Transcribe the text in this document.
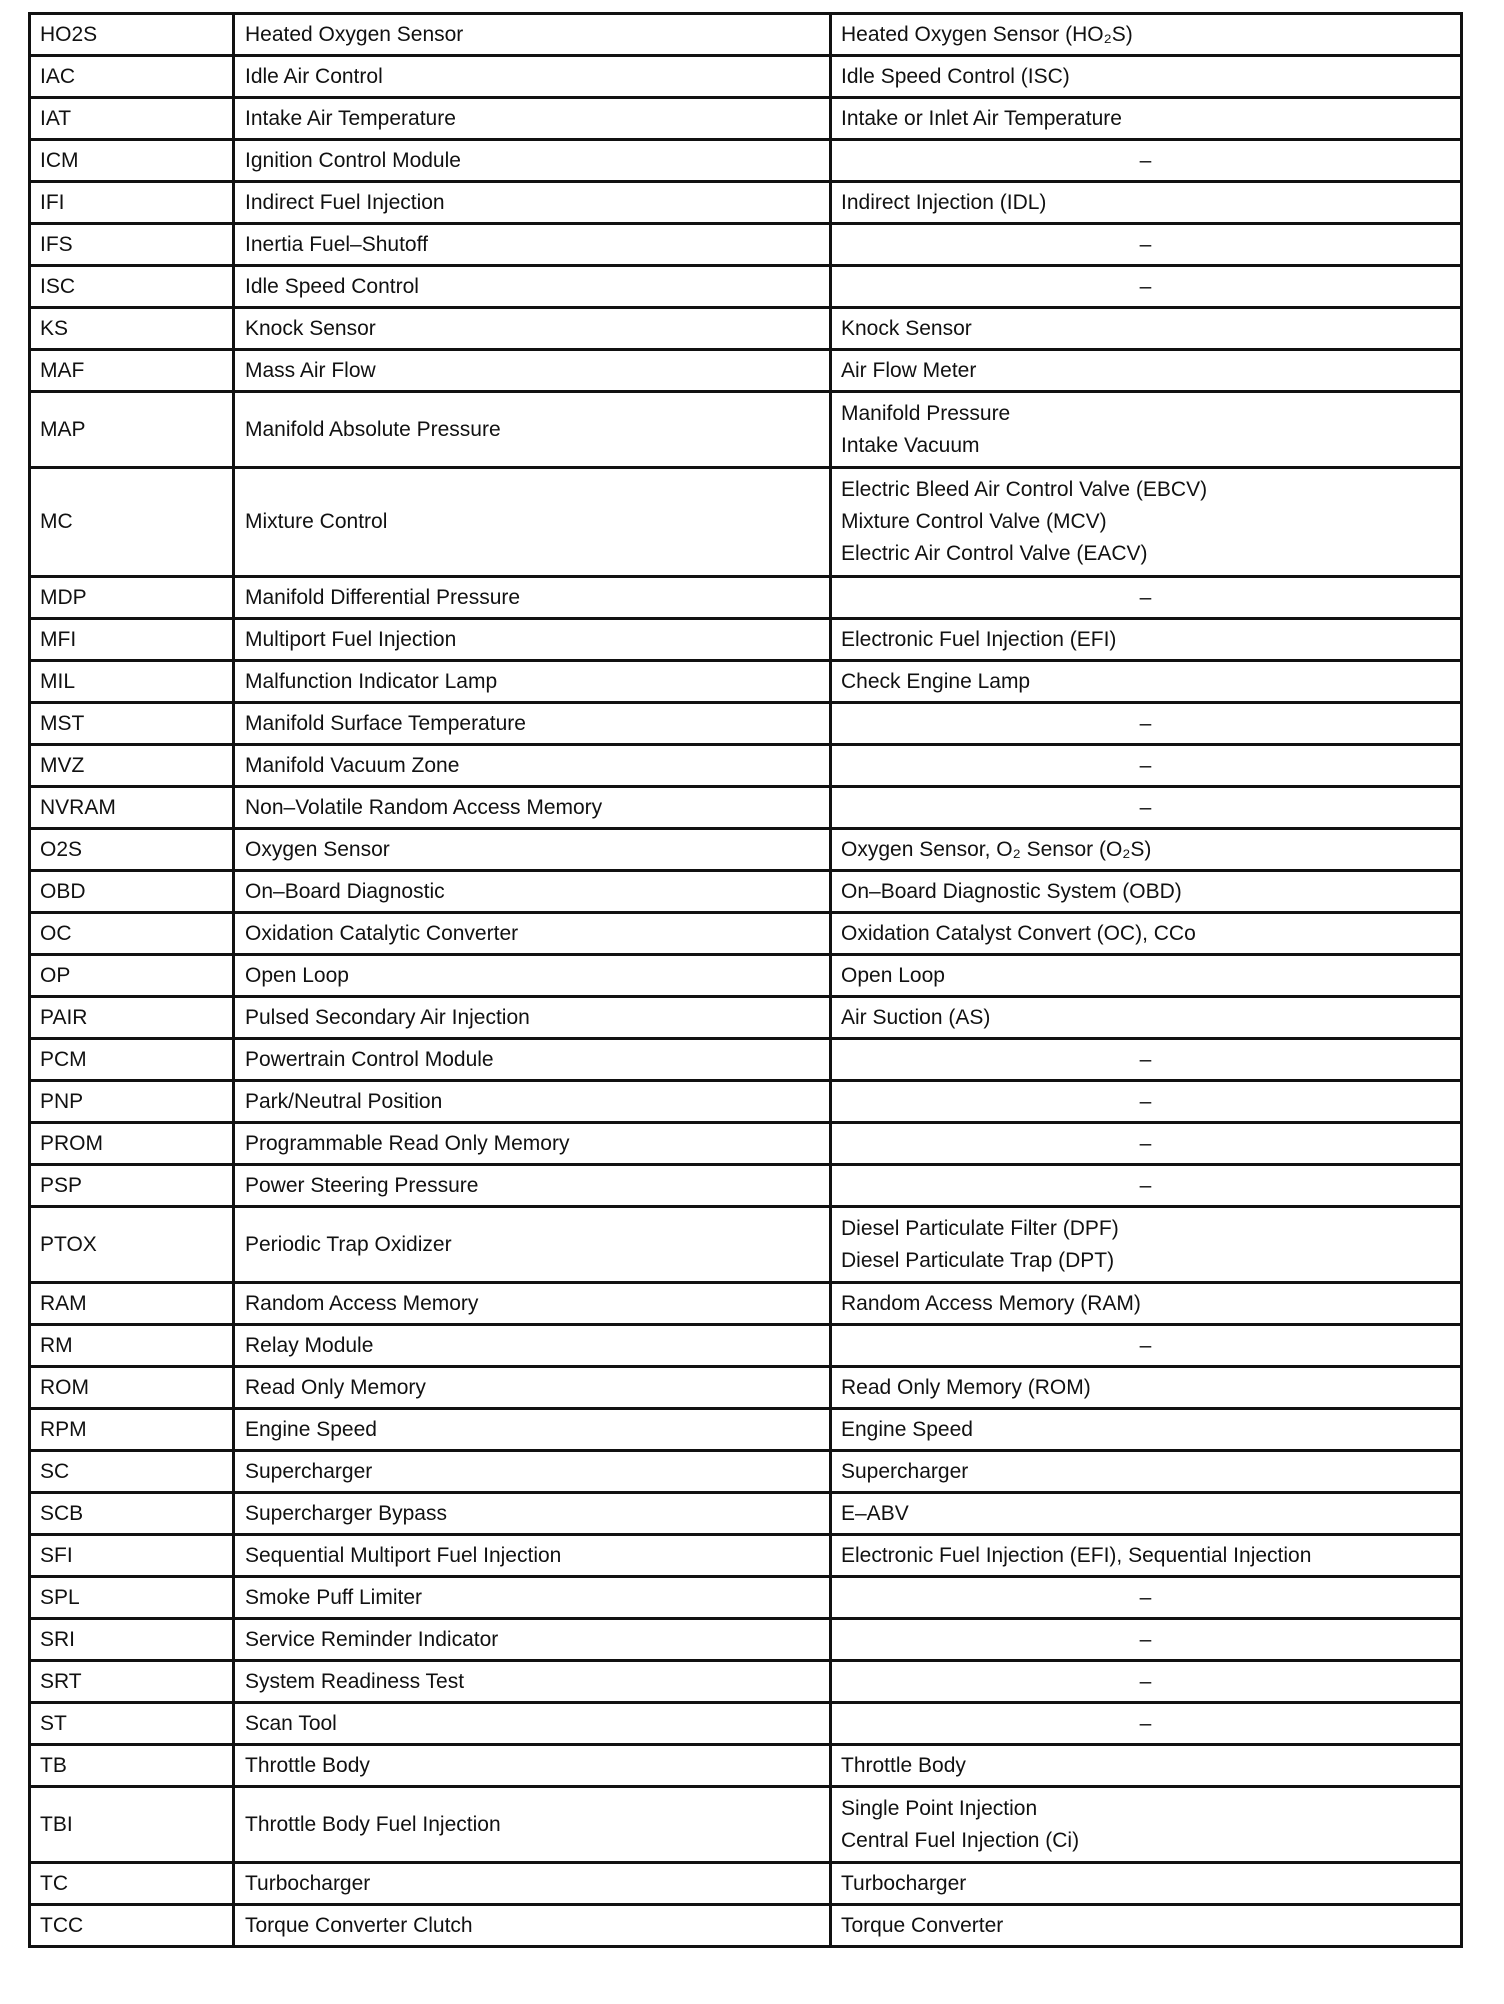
HO2S	Heated Oxygen Sensor	Heated Oxygen Sensor (HO₂S)

IAC	Idle Air Control	Idle Speed Control (ISC)

IAT	Intake Air Temperature	Intake or Inlet Air Temperature

ICM	Ignition Control Module	–

IFI	Indirect Fuel Injection	Indirect Injection (IDL)

IFS	Inertia Fuel–Shutoff	–

ISC	Idle Speed Control	–

KS	Knock Sensor	Knock Sensor

MAF	Mass Air Flow	Air Flow Meter

MAP	Manifold Absolute Pressure	Manifold Pressure
Intake Vacuum

MC	Mixture Control	Electric Bleed Air Control Valve (EBCV)
Mixture Control Valve (MCV)
Electric Air Control Valve (EACV)

MDP	Manifold Differential Pressure	–

MFI	Multiport Fuel Injection	Electronic Fuel Injection (EFI)

MIL	Malfunction Indicator Lamp	Check Engine Lamp

MST	Manifold Surface Temperature	–

MVZ	Manifold Vacuum Zone	–

NVRAM	Non–Volatile Random Access Memory	–

O2S	Oxygen Sensor	Oxygen Sensor, O₂ Sensor (O₂S)

OBD	On–Board Diagnostic	On–Board Diagnostic System (OBD)

OC	Oxidation Catalytic Converter	Oxidation Catalyst Convert (OC), CCo

OP	Open Loop	Open Loop

PAIR	Pulsed Secondary Air Injection	Air Suction (AS)

PCM	Powertrain Control Module	–

PNP	Park/Neutral Position	–

PROM	Programmable Read Only Memory	–

PSP	Power Steering Pressure	–

PTOX	Periodic Trap Oxidizer	Diesel Particulate Filter (DPF)
Diesel Particulate Trap (DPT)

RAM	Random Access Memory	Random Access Memory (RAM)

RM	Relay Module	–

ROM	Read Only Memory	Read Only Memory (ROM)

RPM	Engine Speed	Engine Speed

SC	Supercharger	Supercharger

SCB	Supercharger Bypass	E–ABV

SFI	Sequential Multiport Fuel Injection	Electronic Fuel Injection (EFI), Sequential Injection

SPL	Smoke Puff Limiter	–

SRI	Service Reminder Indicator	–

SRT	System Readiness Test	–

ST	Scan Tool	–

TB	Throttle Body	Throttle Body

TBI	Throttle Body Fuel Injection	Single Point Injection
Central Fuel Injection (Ci)

TC	Turbocharger	Turbocharger

TCC	Torque Converter Clutch	Torque Converter
